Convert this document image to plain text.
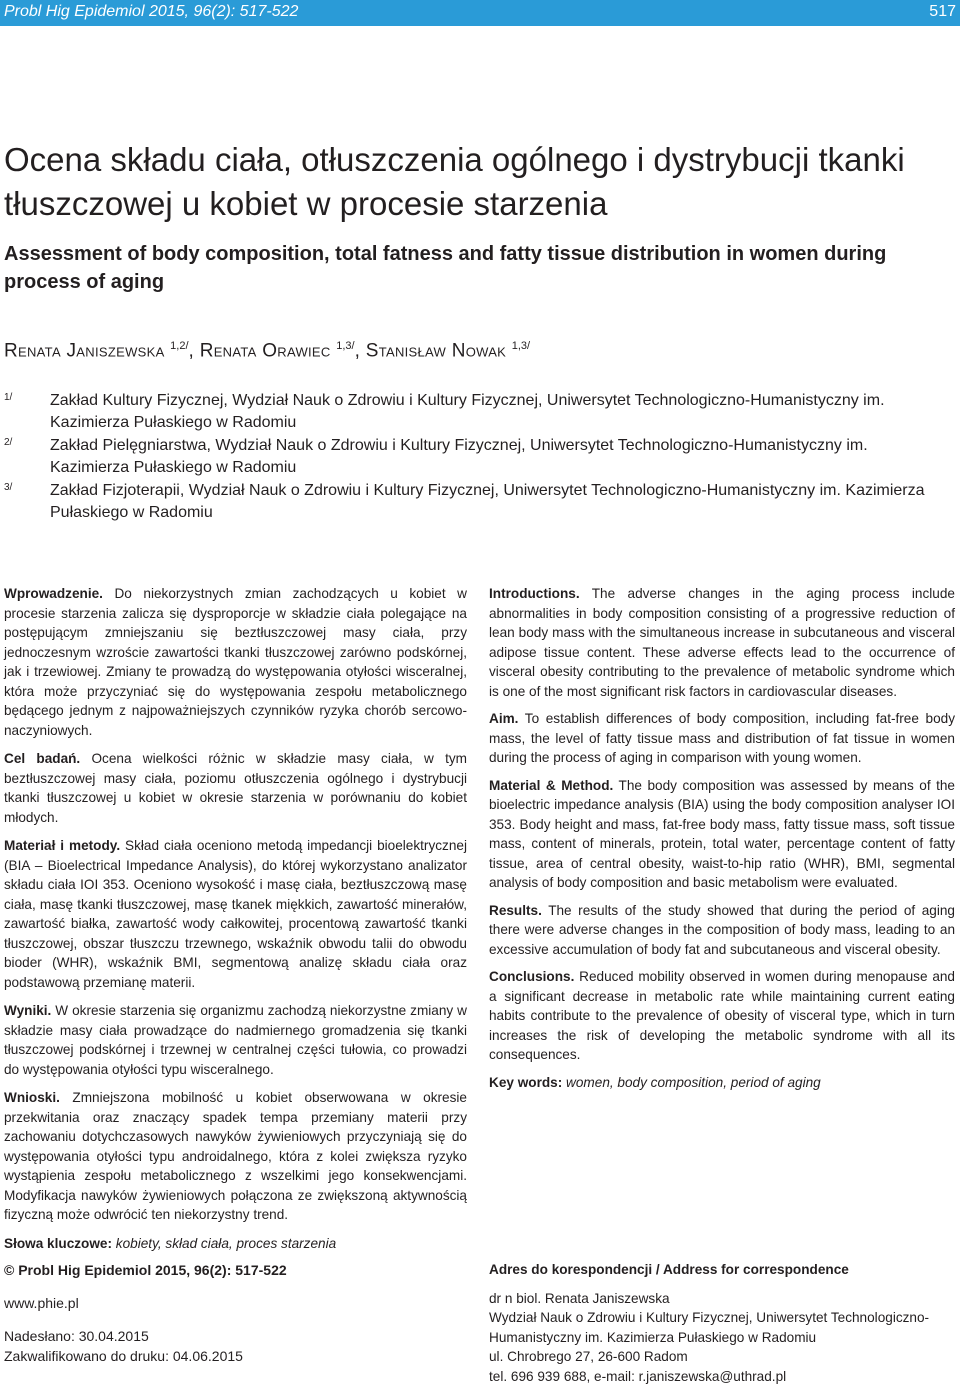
Probl Hig Epidemiol 2015, 96(2): 517-522	517
Ocena składu ciała, otłuszczenia ogólnego i dystrybucji tkanki tłuszczowej u kobiet w procesie starzenia
Assessment of body composition, total fatness and fatty tissue distribution in women during process of aging
Renata Janiszewska $^{1,2/}$, Renata Orawiec $^{1,3/}$, Stanisław Nowak $^{1,3/}$
1/ Zakład Kultury Fizycznej, Wydział Nauk o Zdrowiu i Kultury Fizycznej, Uniwersytet Technologiczno-Humanistyczny im. Kazimierza Pułaskiego w Radomiu
2/ Zakład Pielęgniarstwa, Wydział Nauk o Zdrowiu i Kultury Fizycznej, Uniwersytet Technologiczno-Humanistyczny im. Kazimierza Pułaskiego w Radomiu
3/ Zakład Fizjoterapii, Wydział Nauk o Zdrowiu i Kultury Fizycznej, Uniwersytet Technologiczno-Humanistyczny im. Kazimierza Pułaskiego w Radomiu

Wprowadzenie. Do niekorzystnych zmian zachodzących u kobiet w procesie starzenia zalicza się dysproporcje w składzie ciała polegające na postępującym zmniejszaniu się beztłuszczowej masy ciała, przy jednoczesnym wzroście zawartości tkanki tłuszczowej zarówno podskórnej, jak i trzewiowej. Zmiany te prowadzą do występowania otyłości wisceralnej, która może przyczyniać się do występowania zespołu metabolicznego będącego jednym z najpoważniejszych czynników ryzyka chorób sercowo-naczyniowych.

Cel badań. Ocena wielkości różnic w składzie masy ciała, w tym beztłuszczowej masy ciała, poziomu otłuszczenia ogólnego i dystrybucji tkanki tłuszczowej u kobiet w okresie starzenia w porównaniu do kobiet młodych.

Materiał i metody. Skład ciała oceniono metodą impedancji bioelektrycznej (BIA – Bioelectrical Impedance Analysis), do której wykorzystano analizator składu ciała IOI 353. Oceniono wysokość i masę ciała, beztłuszczową masę ciała, masę tkanki tłuszczowej, masę tkanek miękkich, zawartość minerałów, zawartość białka, zawartość wody całkowitej, procentową zawartość tkanki tłuszczowej, obszar tłuszczu trzewnego, wskaźnik obwodu talii do obwodu bioder (WHR), wskaźnik BMI, segmentową analizę składu ciała oraz podstawową przemianę materii.

Wyniki. W okresie starzenia się organizmu zachodzą niekorzystne zmiany w składzie masy ciała prowadzące do nadmiernego gromadzenia się tkanki tłuszczowej podskórnej i trzewnej w centralnej części tułowia, co prowadzi do występowania otyłości typu wisceralnego.

Wnioski. Zmniejszona mobilność u kobiet obserwowana w okresie przekwitania oraz znaczący spadek tempa przemiany materii przy zachowaniu dotychczasowych nawyków żywieniowych przyczyniają się do występowania otyłości typu androidalnego, która z kolei zwiększa ryzyko wystąpienia zespołu metabolicznego z wszelkimi jego konsekwencjami. Modyfikacja nawyków żywieniowych połączona ze zwiększoną aktywnością fizyczną może odwrócić ten niekorzystny trend.

Słowa kluczowe: kobiety, skład ciała, proces starzenia

Introductions. The adverse changes in the aging process include abnormalities in body composition consisting of a progressive reduction of lean body mass with the simultaneous increase in subcutaneous and visceral adipose tissue content. These adverse effects lead to the occurrence of visceral obesity contributing to the prevalence of metabolic syndrome which is one of the most significant risk factors in cardiovascular diseases.

Aim. To establish differences of body composition, including fat-free body mass, the level of fatty tissue mass and distribution of fat tissue in women during the process of aging in comparison with young women.

Material & Method. The body composition was assessed by means of the bioelectric impedance analysis (BIA) using the body composition analyser IOI 353. Body height and mass, fat-free body mass, fatty tissue mass, soft tissue mass, content of minerals, protein, total water, percentage content of fatty tissue, area of central obesity, waist-to-hip ratio (WHR), BMI, segmental analysis of body composition and basic metabolism were evaluated.

Results. The results of the study showed that during the period of aging there were adverse changes in the composition of body mass, leading to an excessive accumulation of body fat and subcutaneous and visceral obesity.

Conclusions. Reduced mobility observed in women during menopause and a significant decrease in metabolic rate while maintaining current eating habits contribute to the prevalence of obesity of visceral type, which in turn increases the risk of developing the metabolic syndrome with all its consequences.

Key words: women, body composition, period of aging

© Probl Hig Epidemiol 2015, 96(2): 517-522
www.phie.pl
Nadesłano: 30.04.2015
Zakwalifikowano do druku: 04.06.2015
Adres do korespondencji / Address for correspondence
dr n biol. Renata Janiszewska
Wydział Nauk o Zdrowiu i Kultury Fizycznej, Uniwersytet Technologiczno-Humanistyczny im. Kazimierza Pułaskiego w Radomiu
ul. Chrobrego 27, 26-600 Radom
tel. 696 939 688, e-mail: r.janiszewska@uthrad.pl
